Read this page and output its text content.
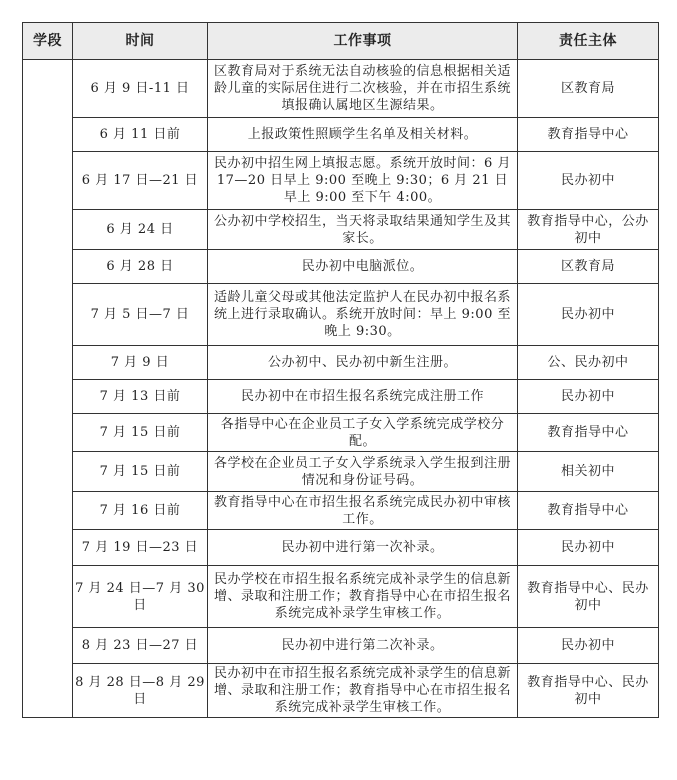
学段	时间	工作事项	责任主体
	6 月 9 日-11 日	区教育局对于系统无法自动核验的信息根据相关适龄儿童的实际居住进行二次核验，并在市招生系统填报确认属地区生源结果。	区教育局
	6 月 11 日前	上报政策性照顾学生名单及相关材料。	教育指导中心
	6 月 17 日—21 日	民办初中招生网上填报志愿。系统开放时间：6 月 17—20 日早上 9:00 至晚上 9:30；6 月 21 日早上 9:00 至下午 4:00。	民办初中
	6 月 24 日	公办初中学校招生，当天将录取结果通知学生及其家长。	教育指导中心，公办初中
	6 月 28 日	民办初中电脑派位。	区教育局
	7 月 5 日—7 日	适龄儿童父母或其他法定监护人在民办初中报名系统上进行录取确认。系统开放时间：早上 9:00 至晚上 9:30。	民办初中
	7 月 9 日	公办初中、民办初中新生注册。	公、民办初中
	7 月 13 日前	民办初中在市招生报名系统完成注册工作	民办初中
	7 月 15 日前	各指导中心在企业员工子女入学系统完成学校分配。	教育指导中心
	7 月 15 日前	各学校在企业员工子女入学系统录入学生报到注册情况和身份证号码。	相关初中
	7 月 16 日前	教育指导中心在市招生报名系统完成民办初中审核工作。	教育指导中心
	7 月 19 日—23 日	民办初中进行第一次补录。	民办初中
	7 月 24 日—7 月 30 日	民办学校在市招生报名系统完成补录学生的信息新增、录取和注册工作；教育指导中心在市招生报名系统完成补录学生审核工作。	教育指导中心、民办初中
	8 月 23 日—27 日	民办初中进行第二次补录。	民办初中
	8 月 28 日—8 月 29 日	民办初中在市招生报名系统完成补录学生的信息新增、录取和注册工作；教育指导中心在市招生报名系统完成补录学生审核工作。	教育指导中心、民办初中
